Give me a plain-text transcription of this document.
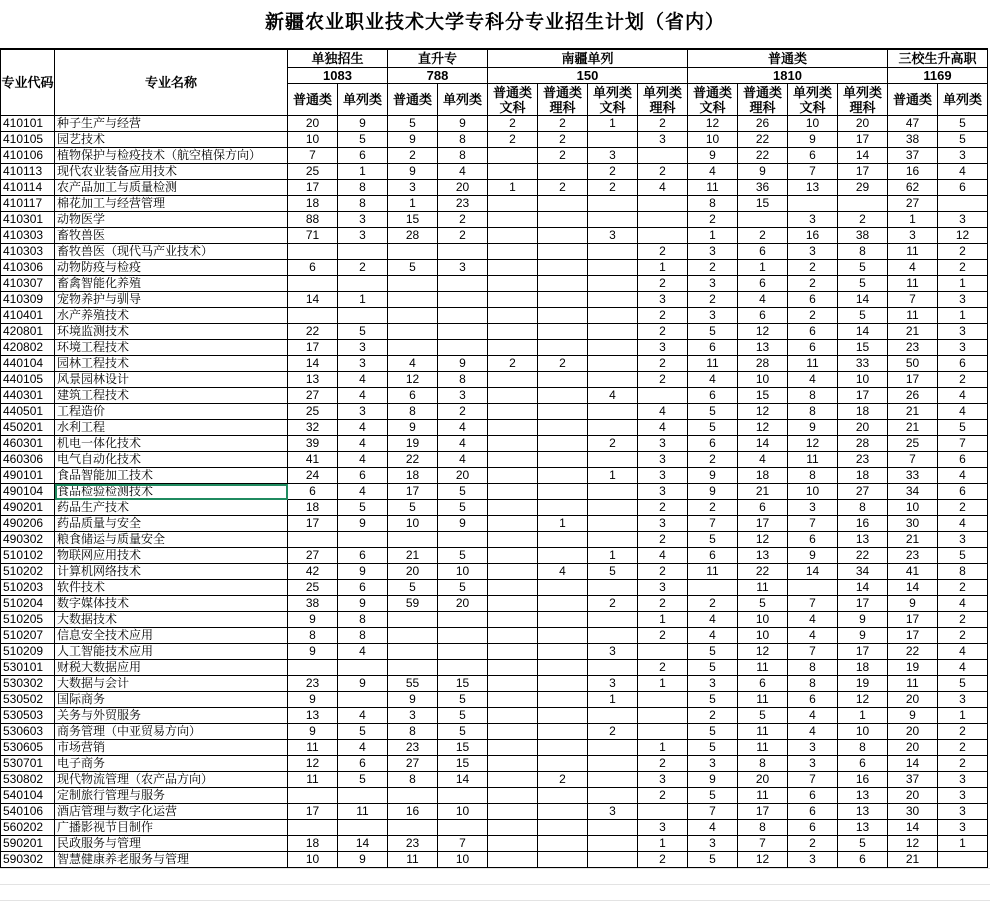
新疆农业职业技术大学专科分专业招生计划（省内）
专业代码	专业名称	单独招生		直升专		南疆单列				普通类				三校生升高职	
		1083		788		150				1810				1169	
		普通类	单列类	普通类	单列类	普通类文科	普通类理科	单列类文科	单列类理科	普通类文科	普通类理科	单列类文科	单列类理科	普通类	单列类
410101	种子生产与经营	20	9	5	9	2	2	1	2	12	26	10	20	47	5
410105	园艺技术	10	5	9	8	2	2		3	10	22	9	17	38	5
410106	植物保护与检疫技术（航空植保方向）	7	6	2	8		2	3		9	22	6	14	37	3
410113	现代农业装备应用技术	25	1	9	4			2	2	4	9	7	17	16	4
410114	农产品加工与质量检测	17	8	3	20	1	2	2	4	11	36	13	29	62	6
410117	棉花加工与经营管理	18	8	1	23					8	15			27	
410301	动物医学	88	3	15	2					2		3	2	1	3
410303	畜牧兽医	71	3	28	2			3		1	2	16	38	3	12
410303	畜牧兽医（现代马产业技术）								2	3	6	3	8	11	2
410306	动物防疫与检疫	6	2	5	3				1	2	1	2	5	4	2
410307	畜禽智能化养殖								2	3	6	2	5	11	1
410309	宠物养护与驯导	14	1						3	2	4	6	14	7	3
410401	水产养殖技术								2	3	6	2	5	11	1
420801	环境监测技术	22	5						2	5	12	6	14	21	3
420802	环境工程技术	17	3						3	6	13	6	15	23	3
440104	园林工程技术	14	3	4	9	2	2		2	11	28	11	33	50	6
440105	风景园林设计	13	4	12	8				2	4	10	4	10	17	2
440301	建筑工程技术	27	4	6	3			4		6	15	8	17	26	4
440501	工程造价	25	3	8	2				4	5	12	8	18	21	4
450201	水利工程	32	4	9	4				4	5	12	9	20	21	5
460301	机电一体化技术	39	4	19	4			2	3	6	14	12	28	25	7
460306	电气自动化技术	41	4	22	4				3	2	4	11	23	7	6
490101	食品智能加工技术	24	6	18	20			1	3	9	18	8	18	33	4
490104	食品检验检测技术	6	4	17	5				3	9	21	10	27	34	6
490201	药品生产技术	18	5	5	5				2	2	6	3	8	10	2
490206	药品质量与安全	17	9	10	9		1		3	7	17	7	16	30	4
490302	粮食储运与质量安全								2	5	12	6	13	21	3
510102	物联网应用技术	27	6	21	5			1	4	6	13	9	22	23	5
510202	计算机网络技术	42	9	20	10		4	5	2	11	22	14	34	41	8
510203	软件技术	25	6	5	5				3		11		14	14	2
510204	数字媒体技术	38	9	59	20			2	2	2	5	7	17	9	4
510205	大数据技术	9	8						1	4	10	4	9	17	2
510207	信息安全技术应用	8	8						2	4	10	4	9	17	2
510209	人工智能技术应用	9	4					3		5	12	7	17	22	4
530101	财税大数据应用								2	5	11	8	18	19	4
530302	大数据与会计	23	9	55	15			3	1	3	6	8	19	11	5
530502	国际商务	9		9	5			1		5	11	6	12	20	3
530503	关务与外贸服务	13	4	3	5					2	5	4	1	9	1
530603	商务管理（中亚贸易方向）	9	5	8	5			2		5	11	4	10	20	2
530605	市场营销	11	4	23	15				1	5	11	3	8	20	2
530701	电子商务	12	6	27	15				2	3	8	3	6	14	2
530802	现代物流管理（农产品方向）	11	5	8	14		2		3	9	20	7	16	37	3
540104	定制旅行管理与服务								2	5	11	6	13	20	3
540106	酒店管理与数字化运营	17	11	16	10			3		7	17	6	13	30	3
560202	广播影视节目制作								3	4	8	6	13	14	3
590201	民政服务与管理	18	14	23	7				1	3	7	2	5	12	1
590302	智慧健康养老服务与管理	10	9	11	10				2	5	12	3	6	21	
